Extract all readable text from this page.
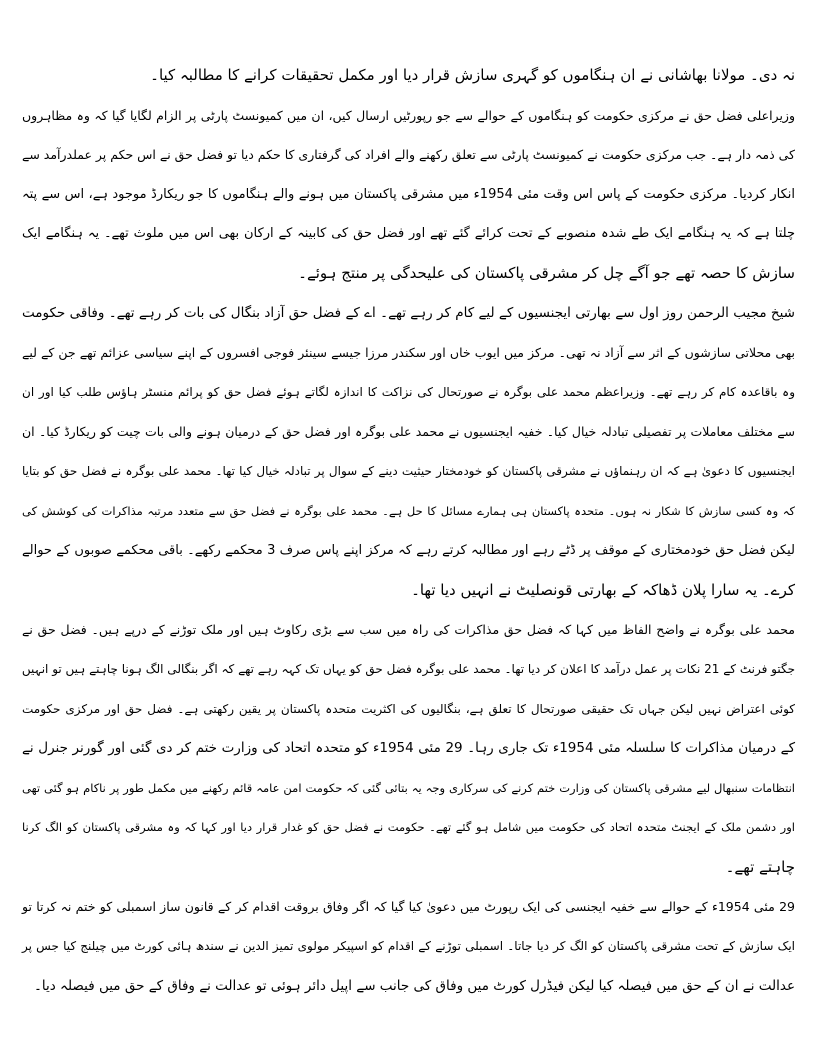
نہ دی۔ مولانا بھاشانی نے ان ہنگاموں کو گہری سازش قرار دیا اور مکمل تحقیقات کرانے کا مطالبہ کیا۔
وزیراعلی فضل حق نے مرکزی حکومت کو ہنگاموں کے حوالے سے جو رپورٹیں ارسال کیں، ان میں کمیونسٹ پارٹی پر الزام لگایا گیا کہ وہ مظاہروں
کی ذمہ دار ہے۔ جب مرکزی حکومت نے کمیونسٹ پارٹی سے تعلق رکھنے والے افراد کی گرفتاری کا حکم دیا تو فضل حق نے اس حکم پر عملدرآمد سے
انکار کردیا۔ مرکزی حکومت کے پاس اس وقت مئی 1954ء میں مشرقی پاکستان میں ہونے والے ہنگاموں کا جو ریکارڈ موجود ہے، اس سے پتہ
چلتا ہے کہ یہ ہنگامے ایک طے شدہ منصوبے کے تحت کرائے گئے تھے اور فضل حق کی کابینہ کے ارکان بھی اس میں ملوث تھے۔ یہ ہنگامے ایک
سازش کا حصہ تھے جو آگے چل کر مشرقی پاکستان کی علیحدگی پر منتج ہوئے۔
شیخ مجیب الرحمن روز اول سے بھارتی ایجنسیوں کے لیے کام کر رہے تھے۔ اے کے فضل حق آزاد بنگال کی بات کر رہے تھے۔ وفاقی حکومت
بھی محلاتی سازشوں کے اثر سے آزاد نہ تھی۔ مرکز میں ایوب خاں اور سکندر مرزا جیسے سینئر فوجی افسروں کے اپنے سیاسی عزائم تھے جن کے لیے
وہ باقاعدہ کام کر رہے تھے۔ وزیراعظم محمد علی بوگرہ نے صورتحال کی نزاکت کا اندازہ لگاتے ہوئے فضل حق کو پرائم منسٹر ہاؤس طلب کیا اور ان
سے مختلف معاملات پر تفصیلی تبادلہ خیال کیا۔ خفیہ ایجنسیوں نے محمد علی بوگرہ اور فضل حق کے درمیان ہونے والی بات چیت کو ریکارڈ کیا۔ ان
ایجنسیوں کا دعویٰ ہے کہ ان رہنماؤں نے مشرقی پاکستان کو خودمختار حیثیت دینے کے سوال پر تبادلہ خیال کیا تھا۔ محمد علی بوگرہ نے فضل حق کو بتایا
کہ وہ کسی سازش کا شکار نہ ہوں۔ متحدہ پاکستان ہی ہمارے مسائل کا حل ہے۔ محمد علی بوگرہ نے فضل حق سے متعدد مرتبہ مذاکرات کی کوشش کی
لیکن فضل حق خودمختاری کے موقف پر ڈٹے رہے اور مطالبہ کرتے رہے کہ مرکز اپنے پاس صرف 3 محکمے رکھے۔ باقی محکمے صوبوں کے حوالے
کرے۔ یہ سارا پلان ڈھاکہ کے بھارتی قونصلیٹ نے انہیں دیا تھا۔
محمد علی بوگرہ نے واضح الفاظ میں کہا کہ فضل حق مذاکرات کی راہ میں سب سے بڑی رکاوٹ ہیں اور ملک توڑنے کے درپے ہیں۔ فضل حق نے
جگتو فرنٹ کے 21 نکات پر عمل درآمد کا اعلان کر دیا تھا۔ محمد علی بوگرہ فضل حق کو یہاں تک کہہ رہے تھے کہ اگر بنگالی الگ ہونا چاہتے ہیں تو انہیں
کوئی اعتراض نہیں لیکن جہاں تک حقیقی صورتحال کا تعلق ہے، بنگالیوں کی اکثریت متحدہ پاکستان پر یقین رکھتی ہے۔ فضل حق اور مرکزی حکومت
کے درمیان مذاکرات کا سلسلہ مئی 1954ء تک جاری رہا۔ 29 مئی 1954ء کو متحدہ اتحاد کی وزارت ختم کر دی گئی اور گورنر جنرل نے
انتظامات سنبھال لیے مشرقی پاکستان کی وزارت ختم کرنے کی سرکاری وجہ یہ بتائی گئی کہ حکومت امن عامہ قائم رکھنے میں مکمل طور پر ناکام ہو گئی تھی
اور دشمن ملک کے ایجنٹ متحدہ اتحاد کی حکومت میں شامل ہو گئے تھے۔ حکومت نے فضل حق کو غدار قرار دیا اور کہا کہ وہ مشرقی پاکستان کو الگ کرنا
چاہتے تھے۔
29 مئی 1954ء کے حوالے سے خفیہ ایجنسی کی ایک رپورٹ میں دعویٰ کیا گیا کہ اگر وفاق بروقت اقدام کر کے قانون ساز اسمبلی کو ختم نہ کرتا تو
ایک سازش کے تحت مشرقی پاکستان کو الگ کر دیا جاتا۔ اسمبلی توڑنے کے اقدام کو اسپیکر مولوی تمیز الدین نے سندھ ہائی کورٹ میں چیلنج کیا جس پر
عدالت نے ان کے حق میں فیصلہ کیا لیکن فیڈرل کورٹ میں وفاق کی جانب سے اپیل دائر ہوئی تو عدالت نے وفاق کے حق میں فیصلہ دیا۔
